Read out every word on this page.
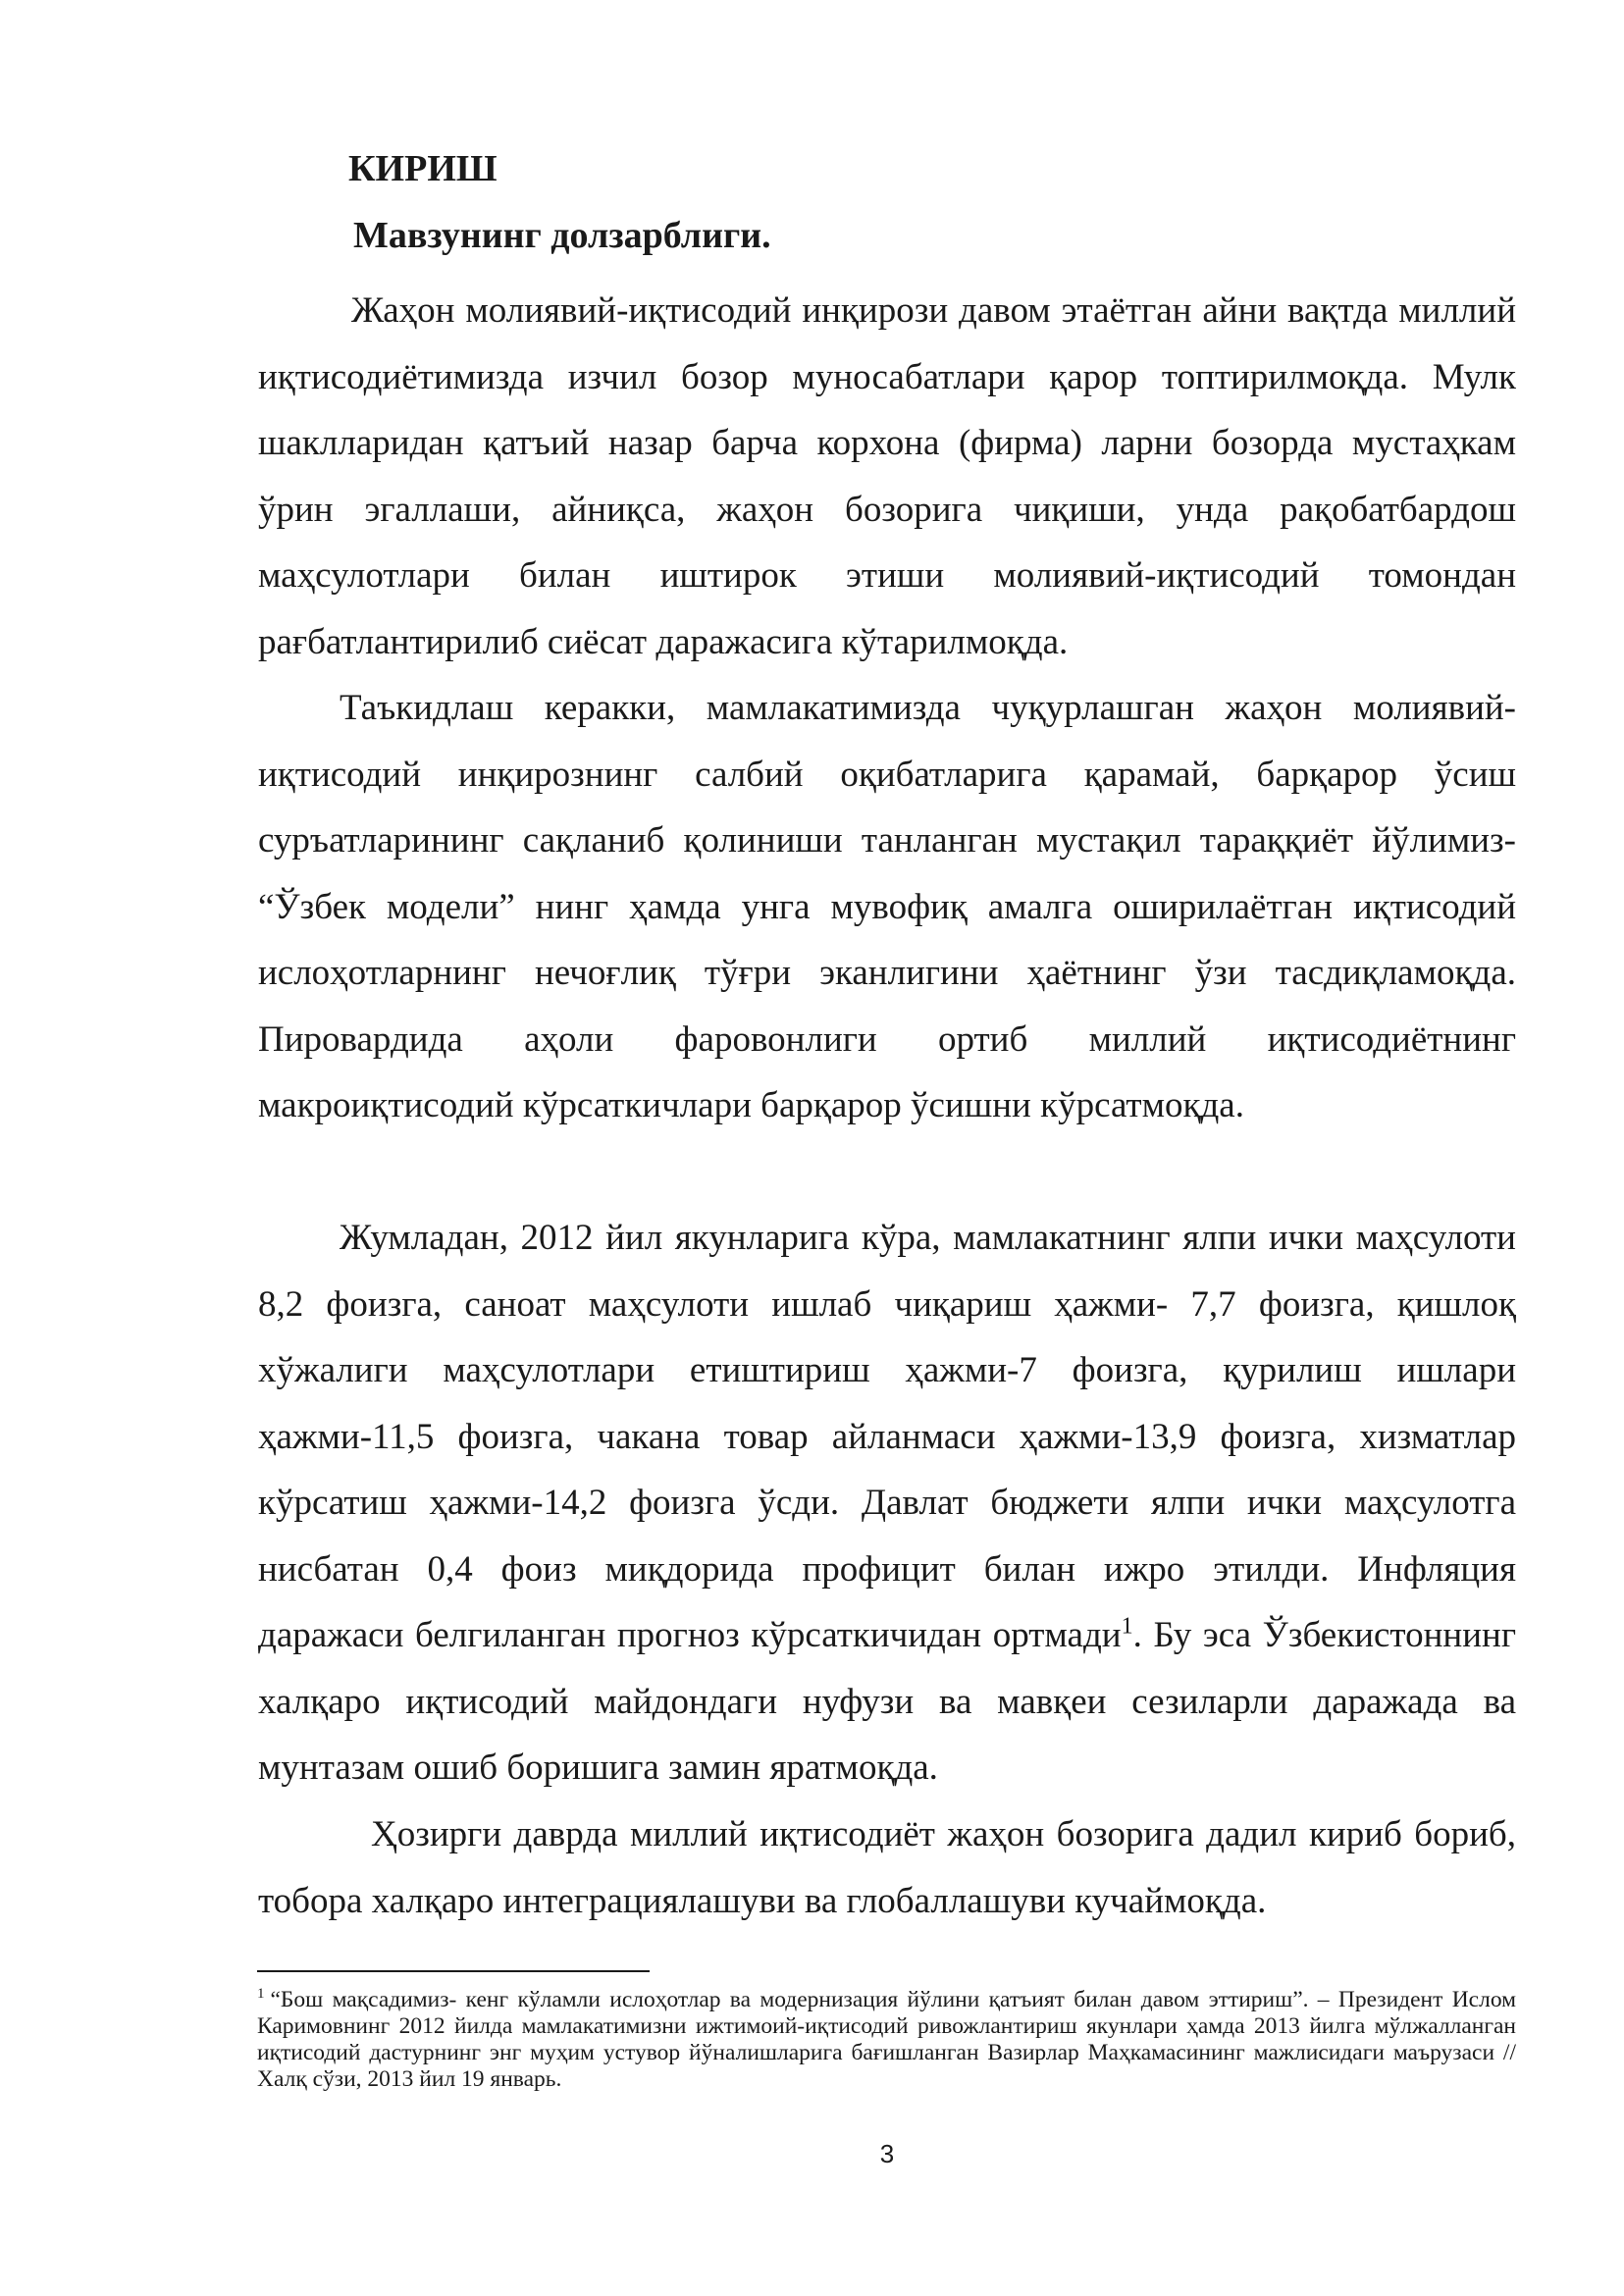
КИРИШ
Мавзунинг долзарблиги.

Жаҳон молиявий-иқтисодий инқирози давом этаётган айни вақтда миллий иқтисодиётимизда изчил бозор муносабатлари қарор топтирилмоқда. Мулк шаклларидан қатъий назар барча корхона (фирма) ларни бозорда мустаҳкам ўрин эгаллаши, айниқса, жаҳон бозорига чиқиши, унда рақобатбардош маҳсулотлари билан иштирок этиши молиявий-иқтисодий томондан рағбатлантирилиб сиёсат даражасига кўтарилмоқда.

Таъкидлаш керакки, мамлакатимизда чуқурлашган жаҳон молиявий-иқтисодий инқирознинг салбий оқибатларига қарамай, барқарор ўсиш суръатларининг сақланиб қолиниши танланган мустақил тараққиёт йўлимиз- “Ўзбек модели” нинг ҳамда унга мувофиқ амалга оширилаётган иқтисодий ислоҳотларнинг нечоғлиқ тўғри эканлигини ҳаётнинг ўзи тасдиқламоқда. Пировардида аҳоли фаровонлиги ортиб миллий иқтисодиётнинг макроиқтисодий кўрсаткичлари барқарор ўсишни кўрсатмоқда.

Жумладан, 2012 йил якунларига кўра, мамлакатнинг ялпи ички маҳсулоти 8,2 фоизга, саноат маҳсулоти ишлаб чиқариш ҳажми- 7,7 фоизга, қишлоқ хўжалиги маҳсулотлари етиштириш ҳажми-7 фоизга, қурилиш ишлари ҳажми-11,5 фоизга, чакана товар айланмаси ҳажми-13,9 фоизга, хизматлар кўрсатиш ҳажми-14,2 фоизга ўсди. Давлат бюджети ялпи ички маҳсулотга нисбатан 0,4 фоиз миқдорида профицит билан ижро этилди. Инфляция даражаси белгиланган прогноз кўрсаткичидан ортмади$^1$. Бу эса Ўзбекистоннинг халқаро иқтисодий майдондаги нуфузи ва мавқеи сезиларли даражада ва мунтазам ошиб боришига замин яратмоқда.

Ҳозирги даврда миллий иқтисодиёт жаҳон бозорига дадил кириб бориб, тобора халқаро интеграциялашуви ва глобаллашуви кучаймоқда.

$^1$ “Бош мақсадимиз- кенг кўламли ислоҳотлар ва модернизация йўлини қатъият билан давом эттириш”. – Президент Ислом Каримовнинг 2012 йилда мамлакатимизни ижтимоий-иқтисодий ривожлантириш якунлари ҳамда 2013 йилга мўлжалланган иқтисодий дастурнинг энг муҳим устувор йўналишларига бағишланган Вазирлар Маҳкамасининг мажлисидаги маърузаси // Халқ сўзи, 2013 йил 19 январь.

3
